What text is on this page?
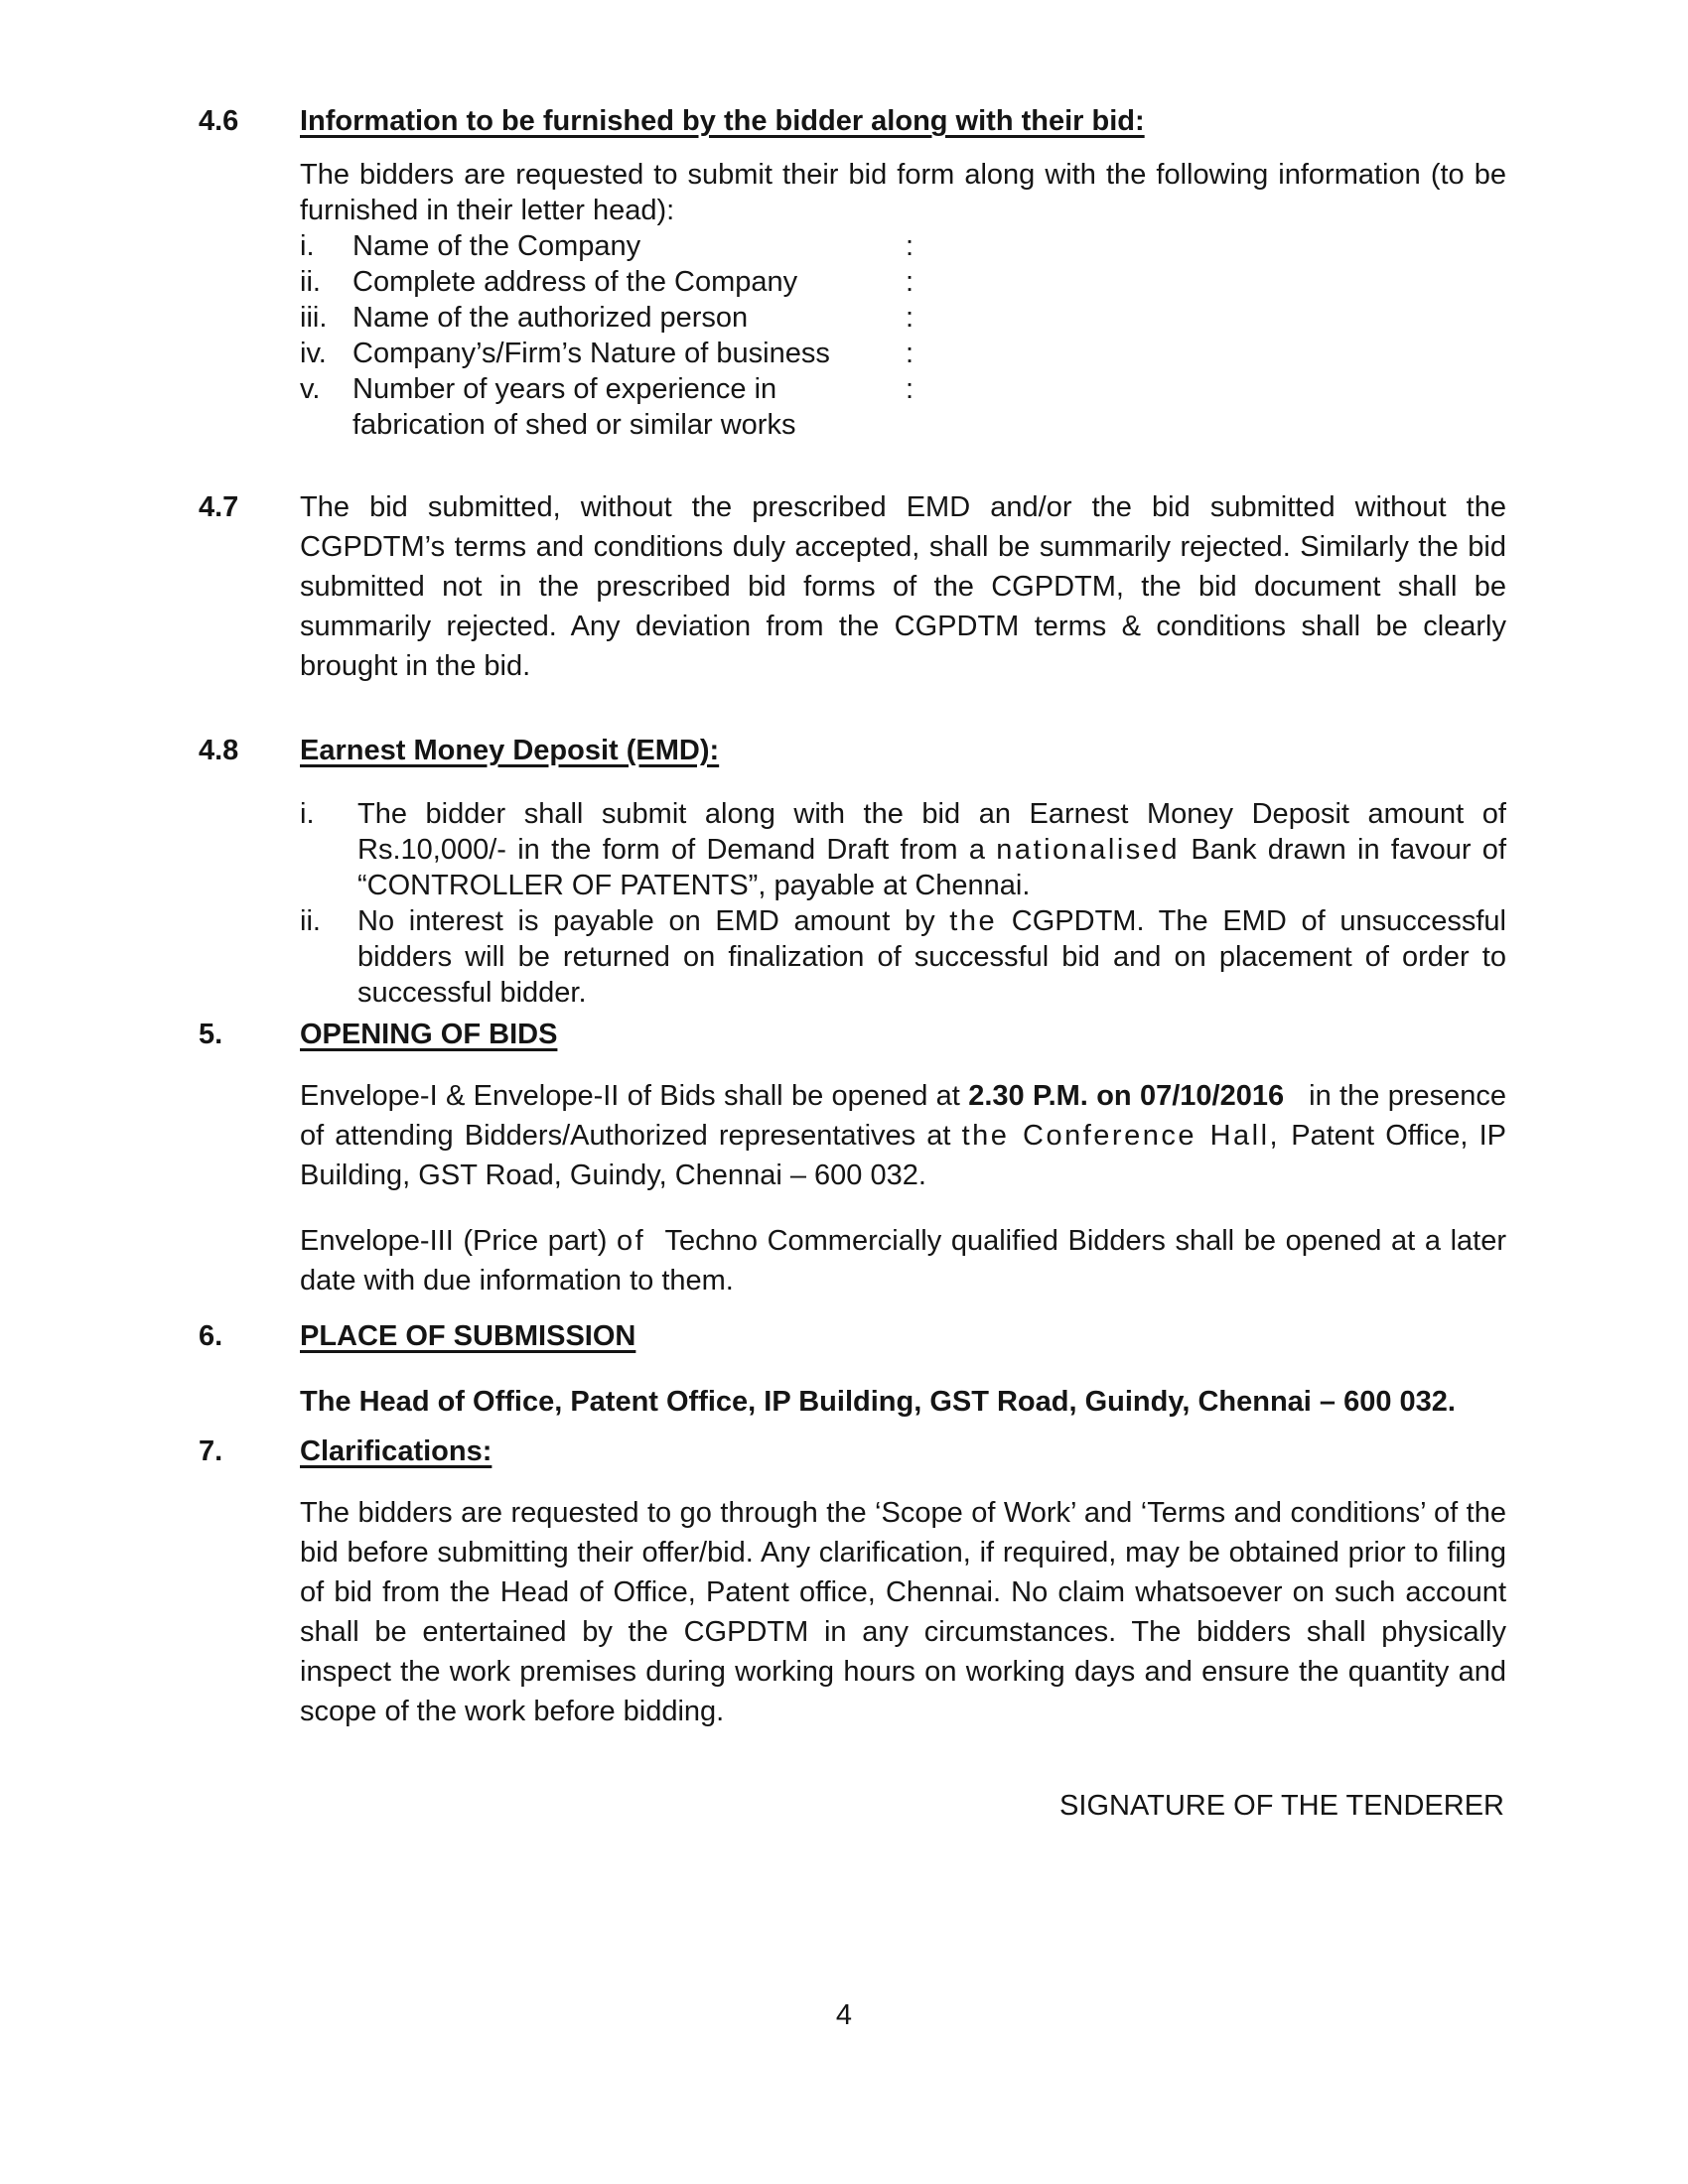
4.6	Information to be furnished by the bidder along with their bid:

The bidders are requested to submit their bid form along with the following information (to be furnished in their letter head):

i.	Name of the Company	:
ii.	Complete address of the Company	:
iii. Name of the authorized person	:
iv. Company’s/Firm’s Nature of business	:
v.	Number of years of experience in	:
fabrication of shed or similar works
4.7	The bid submitted, without the prescribed EMD and/or the bid submitted without the CGPDTM’s terms and conditions duly accepted, shall be summarily rejected. Similarly the bid submitted not in the prescribed bid forms of the CGPDTM, the bid document shall be summarily rejected. Any deviation from the CGPDTM terms & conditions shall be clearly brought in the bid.

4.8	Earnest Money Deposit (EMD):
i.	The bidder shall submit along with the bid an Earnest Money Deposit amount of Rs.10,000/- in the form of Demand Draft from a nationalised Bank drawn in favour of “CONTROLLER OF PATENTS”, payable at Chennai.
ii.	No interest is payable on EMD amount by the CGPDTM. The EMD of unsuccessful bidders will be returned on finalization of successful bid and on placement of order to successful bidder.
5.	OPENING OF BIDS

Envelope-I & Envelope-II of Bids shall be opened at 2.30 P.M. on 07/10/2016   in the presence of attending Bidders/Authorized representatives at the Conference Hall, Patent Office, IP Building, GST Road, Guindy, Chennai – 600 032.

Envelope-III (Price part) of  Techno Commercially qualified Bidders shall be opened at a later date with due information to them.

6.	PLACE OF SUBMISSION

The Head of Office, Patent Office, IP Building, GST Road, Guindy, Chennai – 600 032.

7.	Clarifications:

The bidders are requested to go through the ‘Scope of Work’ and ‘Terms and conditions’ of the bid before submitting their offer/bid. Any clarification, if required, may be obtained prior to filing of bid from the Head of Office, Patent office, Chennai. No claim whatsoever on such account shall be entertained by the CGPDTM in any circumstances. The bidders shall physically inspect the work premises during working hours on working days and ensure the quantity and scope of the work before bidding.

SIGNATURE OF THE TENDERER
4
